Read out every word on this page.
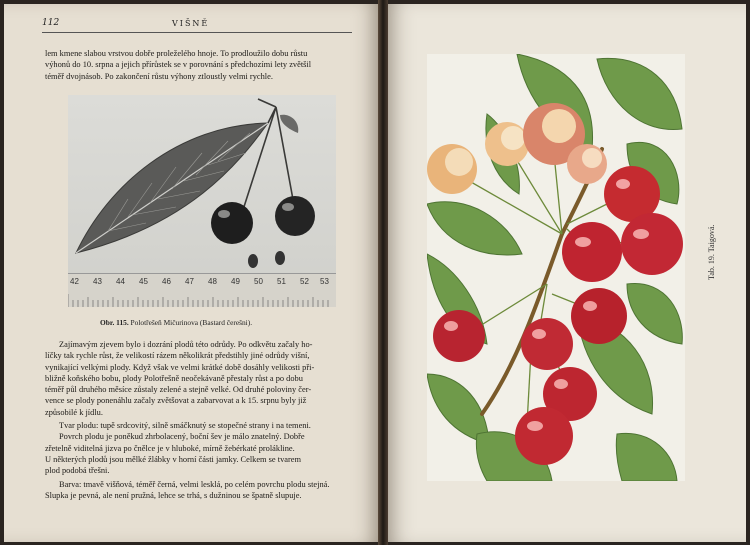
112	VIŠNĚ
lem kmene slabou vrstvou dobře proleželého hnoje. To prodloužilo dobu růstu
výhonů do 10. srpna a jejich přírůstek se v porovnání s předchozími lety zvětšil
téměř dvojnásob. Po zakončení růstu výhony ztloustly velmi rychle.
42 43 44 45 46 47 48 49 50 51 52 53
Obr. 115. Polotřešeň Mičurinova (Bastard čerešni).
Zajímavým zjevem bylo i dozrání plodů této odrůdy. Po odkvětu začaly ho-
líčky tak rychle růst, že velikostí rázem několikrát předstihly jiné odrůdy višní,
vynikající velkými plody. Když však ve velmi krátké době dosáhly velikosti při-
bližně koňského bobu, plody Polotřešně neočekávaně přestaly růst a po dobu
téměř půl druhého měsíce zůstaly zelené a stejně velké. Od druhé poloviny čer-
vence se plody ponenáhlu začaly zvětšovat a zabarvovat a k 15. srpnu byly již
způsobilé k jídlu.
Tvar plodu: tupě srdcovitý, silně smáčknutý se stopečné strany i na temeni.
Povrch plodu je poněkud zhrbolacený, boční šev je málo znatelný. Dobře
zřetelně viditelná jizva po čnělce je v hluboké, mírně žebérkaté prolákline.
U některých plodů jsou mělké žlábky v horní části jamky. Celkem se tvarem
plod podobá třešni.
Barva: tmavě višňová, téměř černá, velmi lesklá, po celém povrchu plodu stejná.
Slupka je pevná, ale není pružná, lehce se trhá, s dužninou se špatně slupuje.
Tab. 19. Taigová.
